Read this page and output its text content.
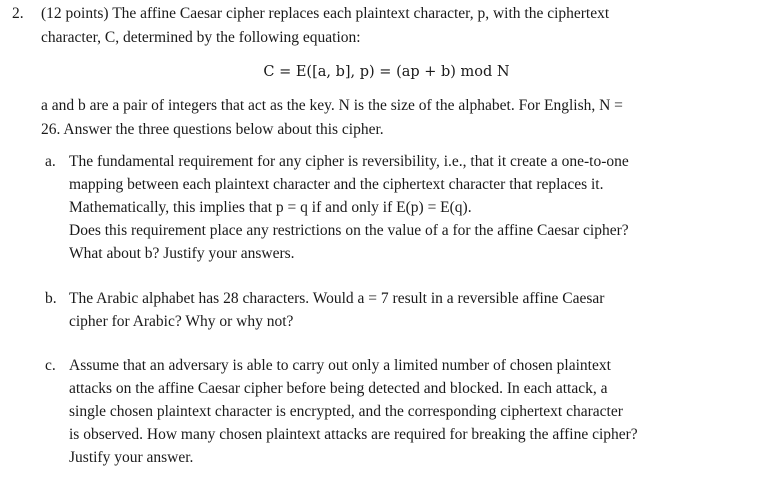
2. (12 points) The affine Caesar cipher replaces each plaintext character, p, with the ciphertext
character, C, determined by the following equation:
C = E([a, b], p) = (ap + b) mod N
a and b are a pair of integers that act as the key. N is the size of the alphabet. For English, N =
26. Answer the three questions below about this cipher.
a. The fundamental requirement for any cipher is reversibility, i.e., that it create a one-to-one
mapping between each plaintext character and the ciphertext character that replaces it.
Mathematically, this implies that p = q if and only if E(p) = E(q).
Does this requirement place any restrictions on the value of a for the affine Caesar cipher?
What about b? Justify your answers.
b. The Arabic alphabet has 28 characters. Would a = 7 result in a reversible affine Caesar
cipher for Arabic? Why or why not?
c. Assume that an adversary is able to carry out only a limited number of chosen plaintext
attacks on the affine Caesar cipher before being detected and blocked. In each attack, a
single chosen plaintext character is encrypted, and the corresponding ciphertext character
is observed. How many chosen plaintext attacks are required for breaking the affine cipher?
Justify your answer.
